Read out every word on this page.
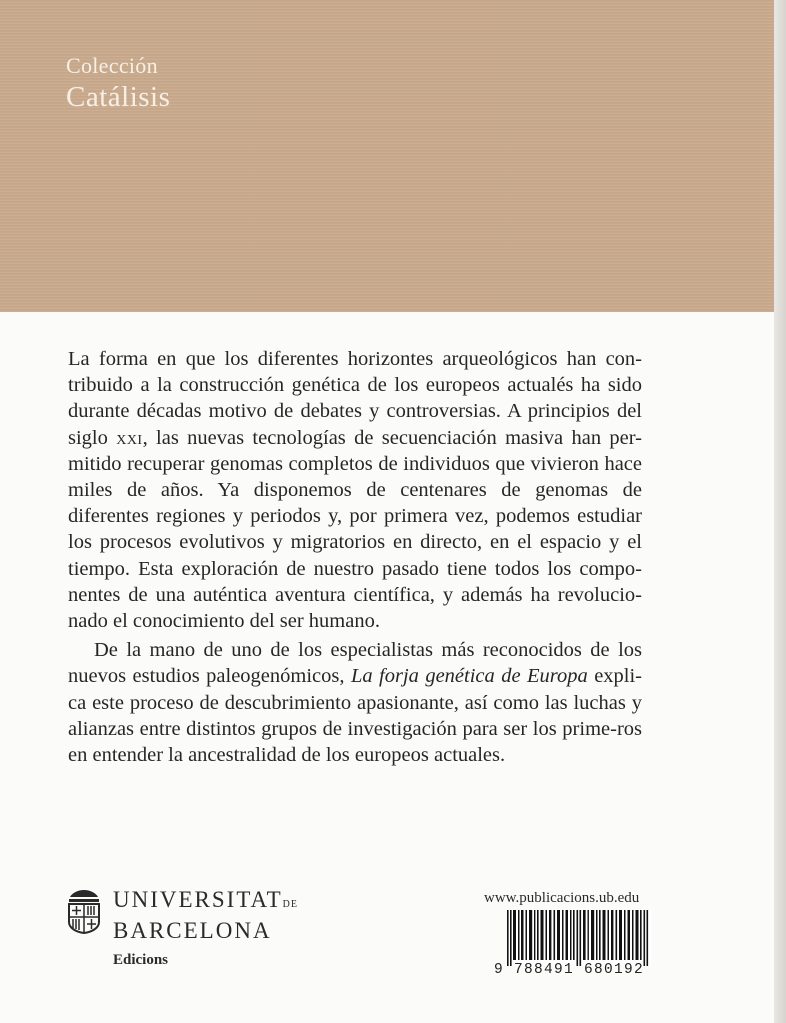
Colección
Catálisis

La forma en que los diferentes horizontes arqueológicos han con-tribuido a la construcción genética de los europeos actualés ha sido durante décadas motivo de debates y controversias. A principios del siglo xxi, las nuevas tecnologías de secuenciación masiva han per-mitido recuperar genomas completos de individuos que vivieron hace miles de años. Ya disponemos de centenares de genomas de diferentes regiones y periodos y, por primera vez, podemos estudiar los procesos evolutivos y migratorios en directo, en el espacio y el tiempo. Esta exploración de nuestro pasado tiene todos los compo-nentes de una auténtica aventura científica, y además ha revolucio-nado el conocimiento del ser humano.

De la mano de uno de los especialistas más reconocidos de los nuevos estudios paleogenómicos, La forja genética de Europa expli-ca este proceso de descubrimiento apasionante, así como las luchas y alianzas entre distintos grupos de investigación para ser los prime-ros en entender la ancestralidad de los europeos actuales.

UNIVERSITATDE
BARCELONA
Edicions
www.publicacions.ub.edu
9 788491 680192
